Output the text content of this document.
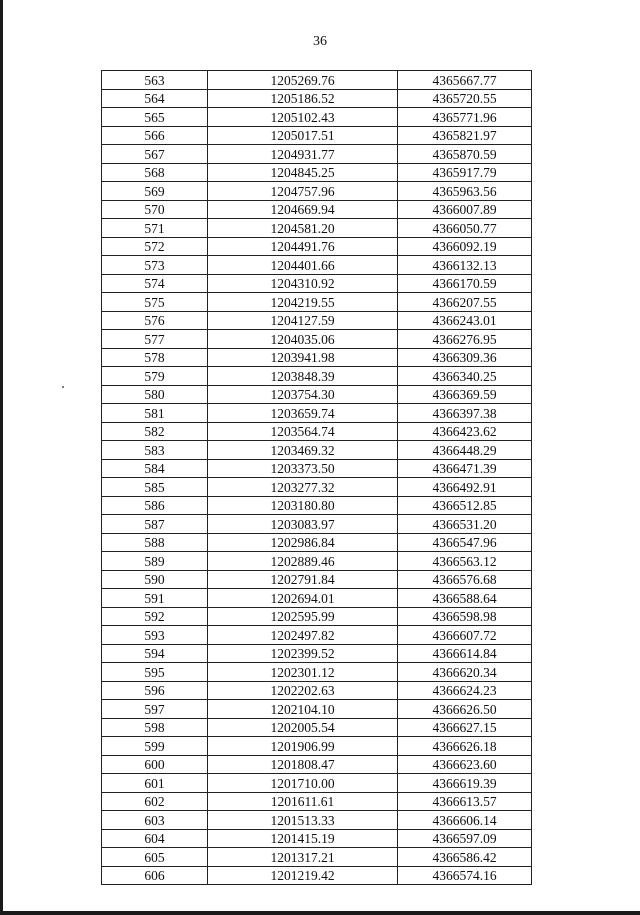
36
563	1205269.76	4365667.77
564	1205186.52	4365720.55
565	1205102.43	4365771.96
566	1205017.51	4365821.97
567	1204931.77	4365870.59
568	1204845.25	4365917.79
569	1204757.96	4365963.56
570	1204669.94	4366007.89
571	1204581.20	4366050.77
572	1204491.76	4366092.19
573	1204401.66	4366132.13
574	1204310.92	4366170.59
575	1204219.55	4366207.55
576	1204127.59	4366243.01
577	1204035.06	4366276.95
578	1203941.98	4366309.36
579	1203848.39	4366340.25
580	1203754.30	4366369.59
581	1203659.74	4366397.38
582	1203564.74	4366423.62
583	1203469.32	4366448.29
584	1203373.50	4366471.39
585	1203277.32	4366492.91
586	1203180.80	4366512.85
587	1203083.97	4366531.20
588	1202986.84	4366547.96
589	1202889.46	4366563.12
590	1202791.84	4366576.68
591	1202694.01	4366588.64
592	1202595.99	4366598.98
593	1202497.82	4366607.72
594	1202399.52	4366614.84
595	1202301.12	4366620.34
596	1202202.63	4366624.23
597	1202104.10	4366626.50
598	1202005.54	4366627.15
599	1201906.99	4366626.18
600	1201808.47	4366623.60
601	1201710.00	4366619.39
602	1201611.61	4366613.57
603	1201513.33	4366606.14
604	1201415.19	4366597.09
605	1201317.21	4366586.42
606	1201219.42	4366574.16
